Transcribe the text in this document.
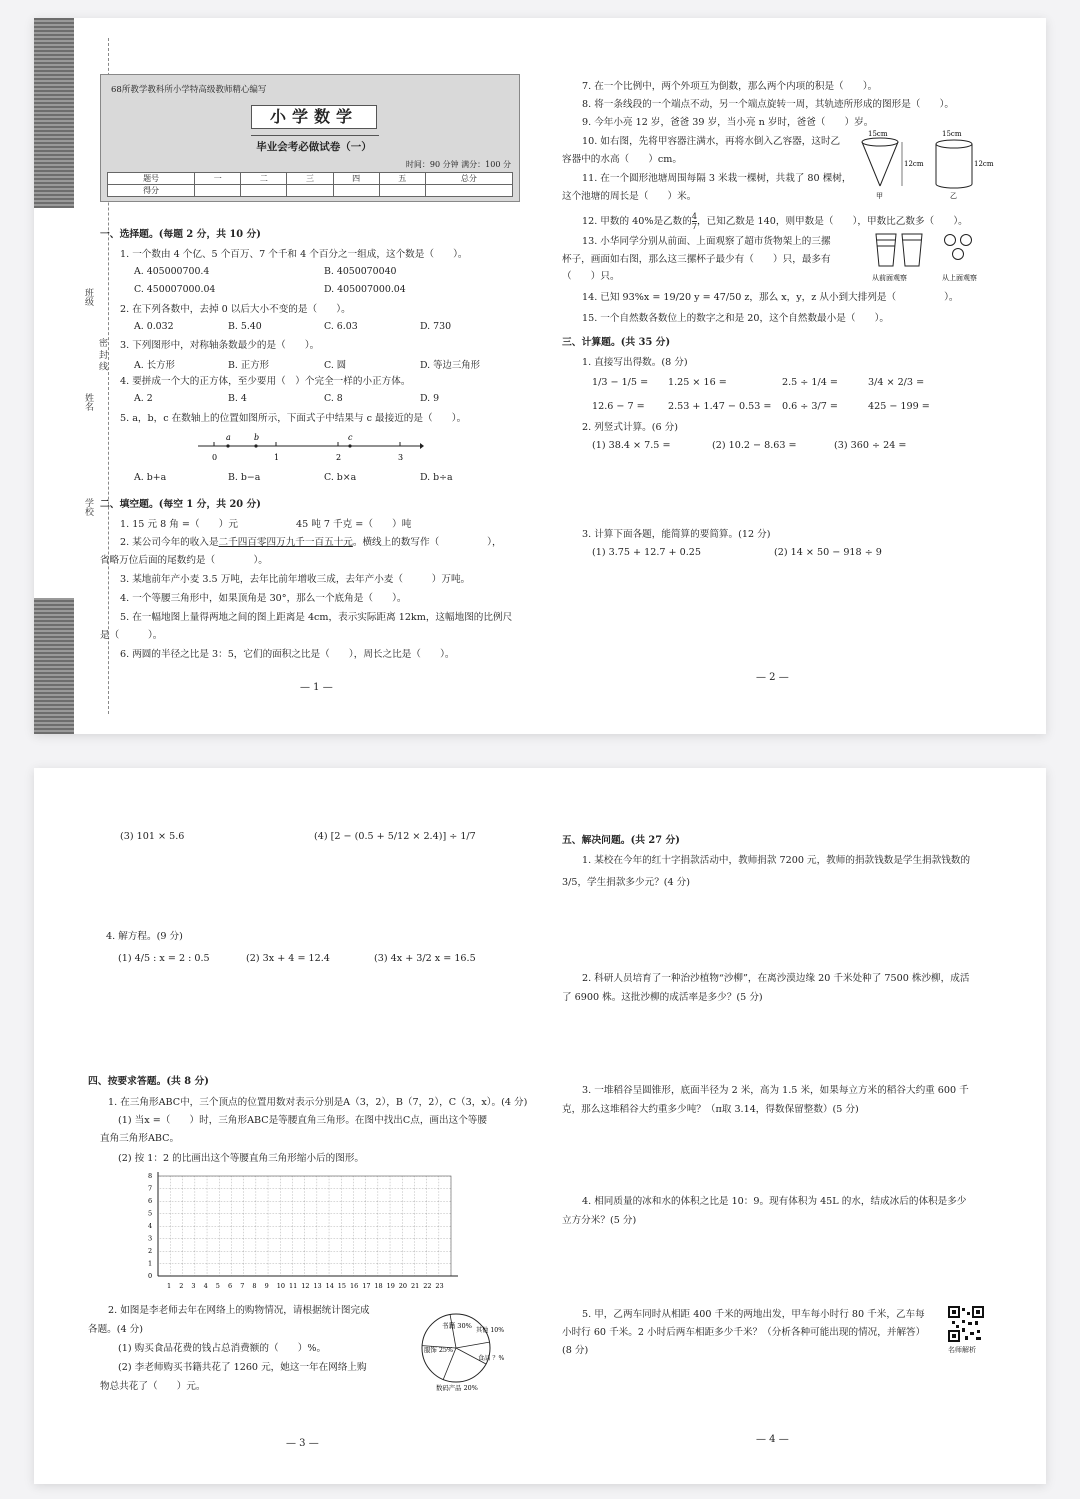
班级
姓名
学校
密 封 线
68所教学教科所小学特高级教师精心编写
小学数学
毕业会考必做试卷（一）
时间：90 分钟 满分：100 分
题号	一	二	三	四	五	总分
得分						
一、选择题。(每题 2 分，共 10 分)
1. 一个数由 4 个亿、5 个百万、7 个千和 4 个百分之一组成，这个数是（　　）。
A. 405000700.4	B. 4050070040
C. 450007000.04	D. 405007000.04
2. 在下列各数中，去掉 0 以后大小不变的是（　　）。
A. 0.032	B. 5.40	C. 6.03	D. 730
3. 下列图形中，对称轴条数最少的是（　　）。
A. 长方形	B. 正方形	C. 圆	D. 等边三角形
4. 要拼成一个大的正方体，至少要用（　）个完全一样的小正方体。
A. 2	B. 4	C. 8	D. 9
5. a，b，c 在数轴上的位置如图所示，下面式子中结果与 c 最接近的是（　　）。
0	1	2	3
a	b	c
A. b+a	B. b−a	C. b×a	D. b÷a
二、填空题。(每空 1 分，共 20 分)
1. 15 元 8 角 =（　　）元	45 吨 7 千克 =（　　）吨
2. 某公司今年的收入是二千四百零四万九千一百五十元。横线上的数写作（　　　　　），
省略万位后面的尾数约是（　　　　）。
3. 某地前年产小麦 3.5 万吨，去年比前年增收三成，去年产小麦（　　　）万吨。
4. 一个等腰三角形中，如果顶角是 30°，那么一个底角是（　　）。
5. 在一幅地图上量得两地之间的图上距离是 4cm，表示实际距离 12km，这幅地图的比例尺
是（　　　）。
6. 两圆的半径之比是 3：5，它们的面积之比是（　　），周长之比是（　　）。
— 1 —
7. 在一个比例中，两个外项互为倒数，那么两个内项的积是（　　）。
8. 将一条线段的一个端点不动，另一个端点旋转一周，其轨迹所形成的图形是（　　）。
9. 今年小亮 12 岁，爸爸 39 岁，当小亮 n 岁时，爸爸（　　）岁。
10. 如右图，先将甲容器注满水，再将水倒入乙容器，这时乙
容器中的水高（　　）cm。
11. 在一个圆形池塘周围每隔 3 米栽一棵树，共栽了 80 棵树，
这个池塘的周长是（　　）米。
15cm	15cm
12cm	12cm
甲	乙
12. 甲数的 40%是乙数的 $\frac{4}{7}$ ，已知乙数是 140，则甲数是（　　），甲数比乙数多（　　）。
13. 小华同学分别从前面、上面观察了超市货物架上的三摞
杯子，画面如右图，那么这三摞杯子最少有（　　）只，最多有
（　　）只。	从前面观察	从上面观察
14. 已知 93%x = 19/20 y = 47/50 z，那么 x，y，z 从小到大排列是（　　　　　）。
15. 一个自然数各数位上的数字之和是 20，这个自然数最小是（　　）。
三、计算题。(共 35 分)
1. 直接写出得数。(8 分)
1/3 − 1/5 = 1.25 × 16 =	2.5 ÷ 1/4 =	3/4 × 2/3 =
12.6 − 7 = 2.53 + 1.47 − 0.53 = 0.6 ÷ 3/7 =	425 − 199 =
2. 列竖式计算。(6 分)
(1) 38.4 × 7.5 =	(2) 10.2 − 8.63 =	(3) 360 ÷ 24 =
3. 计算下面各题，能简算的要简算。(12 分)
(1) 3.75 + 12.7 + 0.25	(2) 14 × 50 − 918 ÷ 9
— 2 —
(3) 101 × 5.6	(4) [2 − (0.5 + 5/12 × 2.4)] ÷ 1/7
4. 解方程。(9 分)
(1) 4/5 : x = 2 : 0.5	(2) 3x + 4 = 12.4	(3) 4x + 3/2 x = 16.5
四、按要求答题。(共 8 分)
1. 在三角形ABC中，三个顶点的位置用数对表示分别是A（3，2），B（7，2），C（3，x）。(4 分)
(1) 当x =（　　）时，三角形ABC是等腰直角三角形。在图中找出C点，画出这个等腰
直角三角形ABC。
(2) 按 1：2 的比画出这个等腰直角三角形缩小后的图形。
0
1
2
3
4
5
6
7
8
1 2 3 4 5 6 7 8 9 10 11 12 13 14 15 16 17 18 19 20 21 22 23
2. 如图是李老师去年在网络上的购物情况，请根据统计图完成
各题。(4 分)
(1) 购买食品花费的钱占总消费额的（　　）%。
(2) 李老师购买书籍共花了 1260 元，她这一年在网络上购
物总共花了（　　）元。
书籍 30%
其他 10%
食品 ？%
数码产品 20%
服饰 25%
— 3 —
五、解决问题。(共 27 分)
1. 某校在今年的红十字捐款活动中，教师捐款 7200 元，教师的捐款钱数是学生捐款钱数的
3/5，学生捐款多少元？(4 分)
2. 科研人员培育了一种治沙植物“沙柳”，在离沙漠边缘 20 千米处种了 7500 株沙柳，成活
了 6900 株。这批沙柳的成活率是多少？(5 分)
3. 一堆稻谷呈圆锥形，底面半径为 2 米，高为 1.5 米，如果每立方米的稻谷大约重 600 千
克，那么这堆稻谷大约重多少吨？（π取 3.14，得数保留整数）(5 分)
4. 相同质量的冰和水的体积之比是 10：9。现有体积为 45L 的水，结成冰后的体积是多少
立方分米？(5 分)
5. 甲，乙两车同时从相距 400 千米的两地出发，甲车每小时行 80 千米，乙车每
小时行 60 千米。2 小时后两车相距多少千米？（分析各种可能出现的情况，并解答）
(8 分)	名师解析
— 4 —
